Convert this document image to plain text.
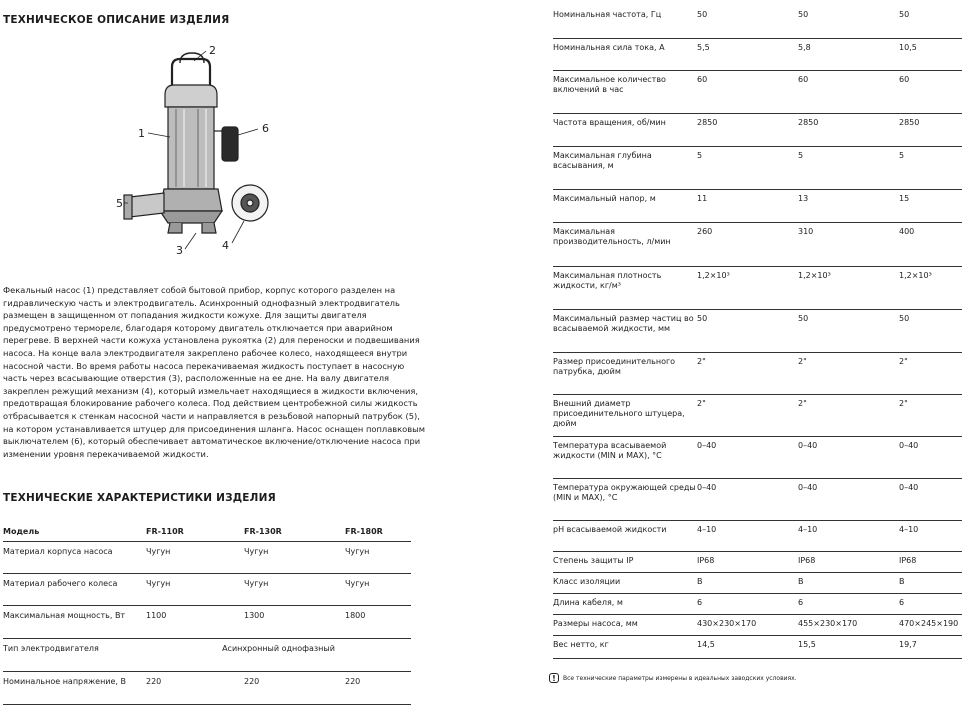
ТЕХНИЧЕСКОЕ ОПИСАНИЕ ИЗДЕЛИЯ
1
2
3	4
5
6
Фекальный насос (1) представляет собой бытовой прибор, корпус которого разделен на
гидравлическую часть и электродвигатель. Асинхронный однофазный электродвигатель
размещен в защищенном от попадания жидкости кожухе. Для защиты двигателя
предусмотрено терморелє, благодаря которому двигатель отключается при аварийном
перегреве. В верхней части кожуха установлена рукоятка (2) для переноски и подвешивания
насоса. На конце вала электродвигателя закреплено рабочее колесо, находящееся внутри
насосной части. Во время работы насоса перекачиваемая жидкость поступает в насосную
часть через всасывающие отверстия (3), расположенные на ее дне. На валу двигателя
закреплен режущий механизм (4), который измельчает находящиеся в жидкости включения,
предотвращая блокирование рабочего колеса. Под действием центробежной силы жидкость
отбрасывается к стенкам насосной части и направляется в резьбовой напорный патрубок (5),
на котором устанавливается штуцер для присоединения шланга. Насос оснащен поплавковым
выключателем (6), который обеспечивает автоматическое включение/отключение насоса при
изменении уровня перекачиваемой жидкости.
ТЕХНИЧЕСКИЕ ХАРАКТЕРИСТИКИ ИЗДЕЛИЯ
Модель	FR-110R	FR-130R	FR-180R
Материал корпуса насоса	Чугун	Чугун	Чугун
Материал рабочего колеса	Чугун	Чугун	Чугун
Максимальная мощность, Вт	1100	1300	1800
Тип электродвигателя	Асинхронный однофазный		
Номинальное напряжение, В	220	220	220
Номинальная частота, Гц	50	50	50
Номинальная сила тока, А	5,5	5,8	10,5
Максимальное количество включений в час	60	60	60
Частота вращения, об/мин	2850	2850	2850
Максимальная глубина всасывания, м	5	5	5
Максимальный напор, м	11	13	15
Максимальная производительность, л/мин	260	310	400
Максимальная плотность жидкости, кг/м³	1,2×10³	1,2×10³	1,2×10³
Максимальный размер частиц во всасываемой жидкости, мм	50	50	50
Размер присоединительного патрубка, дюйм	2"	2"	2"
Внешний диаметр присоединительного штуцера, дюйм	2"	2"	2"
Температура всасываемой жидкости (MIN и MAX), °С	0–40	0–40	0–40
Температура окружающей среды (MIN и MAX), °С	0–40	0–40	0–40
pH всасываемой жидкости	4–10	4–10	4–10
Степень защиты IP	IP68	IP68	IP68
Класс изоляции	B	B	B
Длина кабеля, м	6	6	6
Размеры насоса, мм	430×230×170	455×230×170	470×245×190
Вес нетто, кг	14,5	15,5	19,7
!	Все технические параметры измерены в идеальных заводских условиях.
